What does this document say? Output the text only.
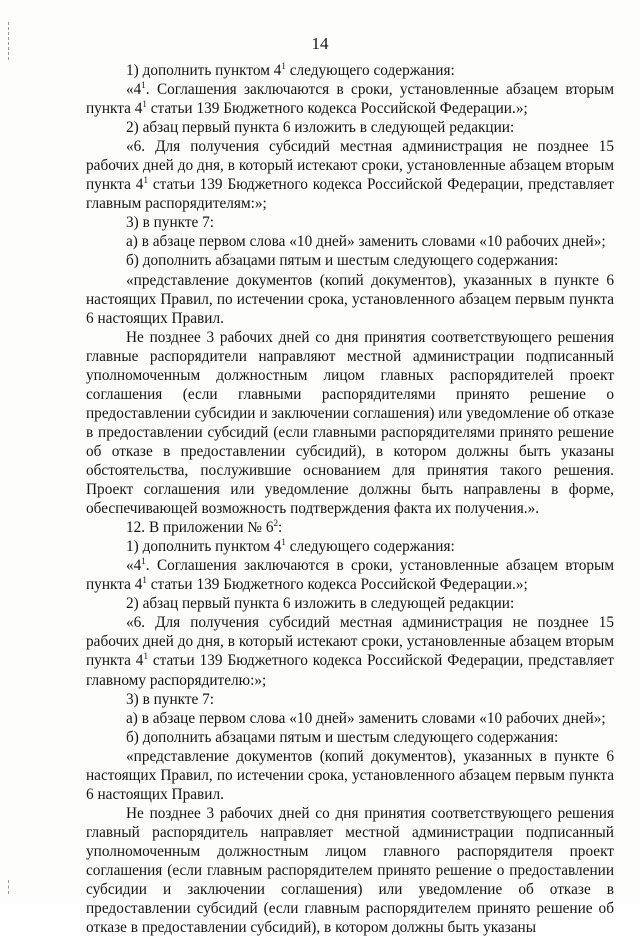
14

1) дополнить пунктом $4^1$ следующего содержания:

«$4^1$. Соглашения заключаются в сроки, установленные абзацем вторым пункта $4^1$ статьи 139 Бюджетного кодекса Российской Федерации.»;

2) абзац первый пункта 6 изложить в следующей редакции:

«6. Для получения субсидий местная администрация не позднее 15 рабочих дней до дня, в который истекают сроки, установленные абзацем вторым пункта $4^1$ статьи 139 Бюджетного кодекса Российской Федерации, представляет главным распорядителям:»;

3) в пункте 7:

а) в абзаце первом слова «10 дней» заменить словами «10 рабочих дней»;

б) дополнить абзацами пятым и шестым следующего содержания:

«представление документов (копий документов), указанных в пункте 6 настоящих Правил, по истечении срока, установленного абзацем первым пункта 6 настоящих Правил.

Не позднее 3 рабочих дней со дня принятия соответствующего решения главные распорядители направляют местной администрации подписанный уполномоченным должностным лицом главных распорядителей проект соглашения (если главными распорядителями принято решение о предоставлении субсидии и заключении соглашения) или уведомление об отказе в предоставлении субсидий (если главными распорядителями принято решение об отказе в предоставлении субсидий), в котором должны быть указаны обстоятельства, послужившие основанием для принятия такого решения. Проект соглашения или уведомление должны быть направлены в форме, обеспечивающей возможность подтверждения факта их получения.».

12. В приложении № $6^2$:

1) дополнить пунктом $4^1$ следующего содержания:

«$4^1$. Соглашения заключаются в сроки, установленные абзацем вторым пункта $4^1$ статьи 139 Бюджетного кодекса Российской Федерации.»;

2) абзац первый пункта 6 изложить в следующей редакции:

«6. Для получения субсидий местная администрация не позднее 15 рабочих дней до дня, в который истекают сроки, установленные абзацем вторым пункта $4^1$ статьи 139 Бюджетного кодекса Российской Федерации, представляет главному распорядителю:»;

3) в пункте 7:

а) в абзаце первом слова «10 дней» заменить словами «10 рабочих дней»;

б) дополнить абзацами пятым и шестым следующего содержания:

«представление документов (копий документов), указанных в пункте 6 настоящих Правил, по истечении срока, установленного абзацем первым пункта 6 настоящих Правил.

Не позднее 3 рабочих дней со дня принятия соответствующего решения главный распорядитель направляет местной администрации подписанный уполномоченным должностным лицом главного распорядителя проект соглашения (если главным распорядителем принято решение о предоставлении субсидии и заключении соглашения) или уведомление об отказе в предоставлении субсидий (если главным распорядителем принято решение об отказе в предоставлении субсидий), в котором должны быть указаны
